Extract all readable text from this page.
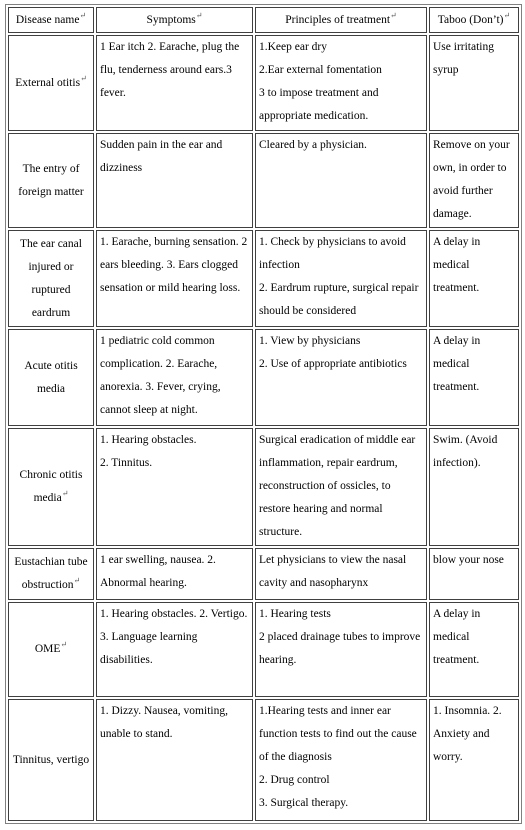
Disease name↵	Symptoms↵	Principles of treatment↵	Taboo (Don’t)↵
External otitis↵	1 Ear itch 2. Earache, plug the flu, tenderness around ears.3 fever.	1.Keep ear dry
2.Ear external fomentation
3 to impose treatment and appropriate medication.	Use irritating syrup

The entry of foreign matter	Sudden pain in the ear and dizziness	Cleared by a physician.	Remove on your own, in order to avoid further damage.

The ear canal injured or ruptured eardrum	1. Earache, burning sensation. 2 ears bleeding. 3. Ears clogged sensation or mild hearing loss.	1. Check by physicians to avoid infection
2. Eardrum rupture, surgical repair should be considered	A delay in medical treatment.

Acute otitis media	1 pediatric cold common complication. 2. Earache, anorexia. 3. Fever, crying, cannot sleep at night.	1. View by physicians
2. Use of appropriate antibiotics	A delay in medical treatment.

Chronic otitis media↵	1. Hearing obstacles.
2. Tinnitus.	Surgical eradication of middle ear inflammation, repair eardrum, reconstruction of ossicles, to restore hearing and normal structure.	Swim. (Avoid infection).

Eustachian tube obstruction↵	1 ear swelling, nausea. 2. Abnormal hearing.	Let physicians to view the nasal cavity and nasopharynx	blow your nose

OME↵	1. Hearing obstacles. 2. Vertigo. 3. Language learning disabilities.	1. Hearing tests
2 placed drainage tubes to improve hearing.	A delay in medical treatment.

Tinnitus, vertigo	1. Dizzy. Nausea, vomiting, unable to stand.	1.Hearing tests and inner ear function tests to find out the cause of the diagnosis
2. Drug control
3. Surgical therapy.	1. Insomnia. 2. Anxiety and worry.
